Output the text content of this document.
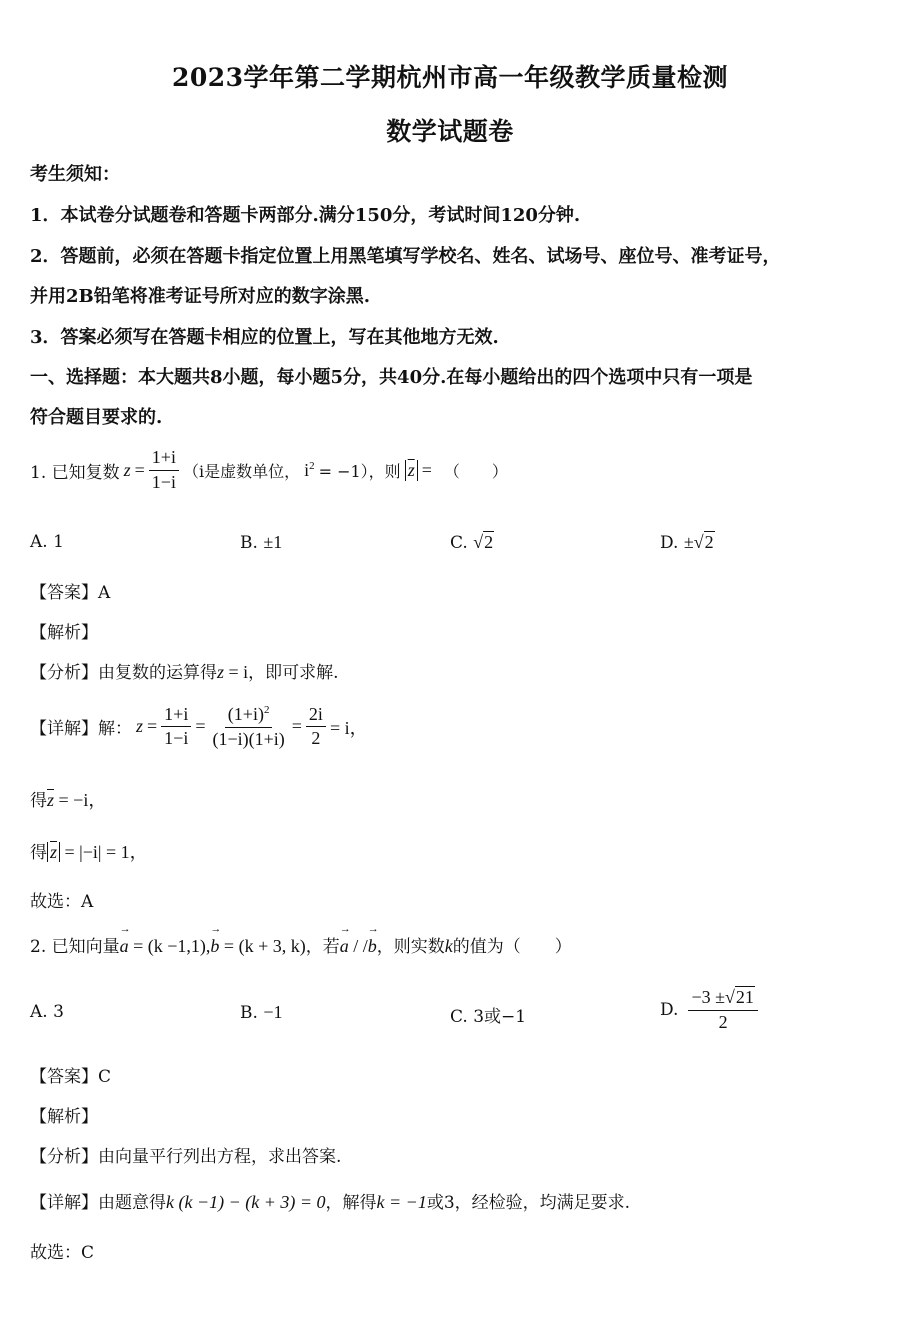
2023学年第二学期杭州市高一年级教学质量检测
数学试题卷
考生须知：
1．本试卷分试题卷和答题卡两部分.满分150分，考试时间120分钟.
2．答题前，必须在答题卡指定位置上用黑笔填写学校名、姓名、试场号、座位号、准考证号，
并用2B铅笔将准考证号所对应的数字涂黑.
3．答案必须写在答题卡相应的位置上，写在其他地方无效.
一、选择题：本大题共8小题，每小题5分，共40分.在每小题给出的四个选项中只有一项是
符合题目要求的.
1. 已知复数 $z = \frac{1+i}{1-i} (i$是虚数单位， $i^2 = -1$），则 $\overline{z}$ = （　　）
A. 1	B. ±1	C. √2	D. ±√2
【答案】A
【解析】
【分析】由复数的运算得z = i，即可求解.
【详解】解： $z = \frac{1+i}{1-i} = \frac{(1+i)^2}{(1-i)(1+i)} = \frac{2i}{2} = i$，
得$\overline{z} = -i$，
得 $\overline{z} = |-i| = 1$，
故选：A
2. 已知向量→ a = (k −1,1),→ b = (k + 3, k)，若→ a / /→ b，则实数k的值为（　　）
A. 3	B. −1	C. 3或−1	D. $\frac{-3 \pm√21}{2}$
【答案】C
【解析】
【分析】由向量平行列出方程，求出答案.
【详解】由题意得k (k −1) − (k + 3) = 0，解得k = −1或3，经检验，均满足要求.
故选：C
